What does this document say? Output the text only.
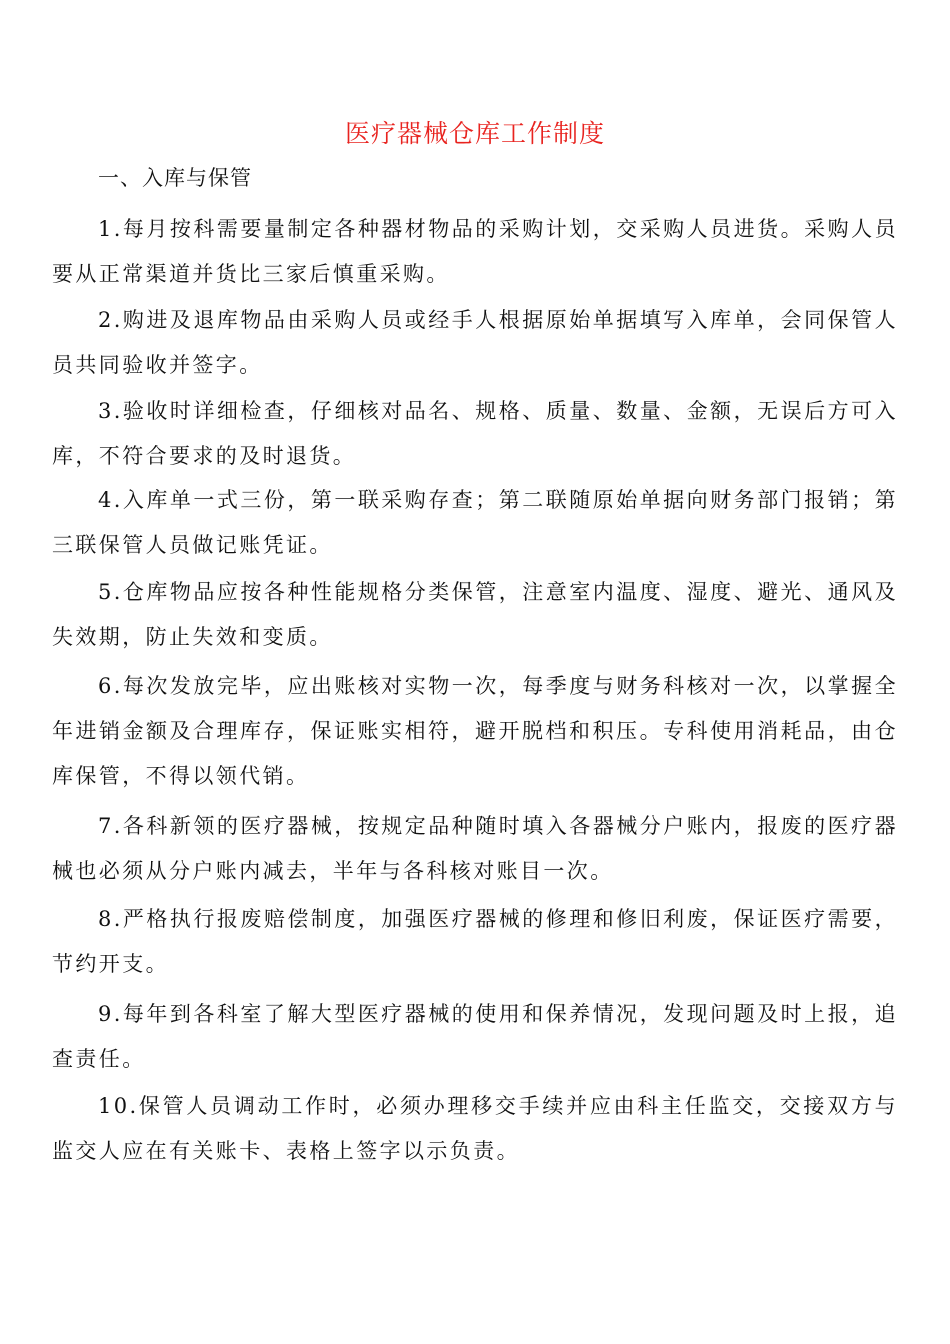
医疗器械仓库工作制度
一、入库与保管

1.每月按科需要量制定各种器材物品的采购计划，交采购人员进货。采购人员要从正常渠道并货比三家后慎重采购。

2.购进及退库物品由采购人员或经手人根据原始单据填写入库单，会同保管人员共同验收并签字。

3.验收时详细检查，仔细核对品名、规格、质量、数量、金额，无误后方可入库，不符合要求的及时退货。

4.入库单一式三份，第一联采购存查；第二联随原始单据向财务部门报销；第三联保管人员做记账凭证。

5.仓库物品应按各种性能规格分类保管，注意室内温度、湿度、避光、通风及失效期，防止失效和变质。

6.每次发放完毕，应出账核对实物一次，每季度与财务科核对一次，以掌握全年进销金额及合理库存，保证账实相符，避开脱档和积压。专科使用消耗品，由仓库保管，不得以领代销。

7.各科新领的医疗器械，按规定品种随时填入各器械分户账内，报废的医疗器械也必须从分户账内减去，半年与各科核对账目一次。

8.严格执行报废赔偿制度，加强医疗器械的修理和修旧利废，保证医疗需要，节约开支。

9.每年到各科室了解大型医疗器械的使用和保养情况，发现问题及时上报，追查责任。

10.保管人员调动工作时，必须办理移交手续并应由科主任监交，交接双方与监交人应在有关账卡、表格上签字以示负责。
